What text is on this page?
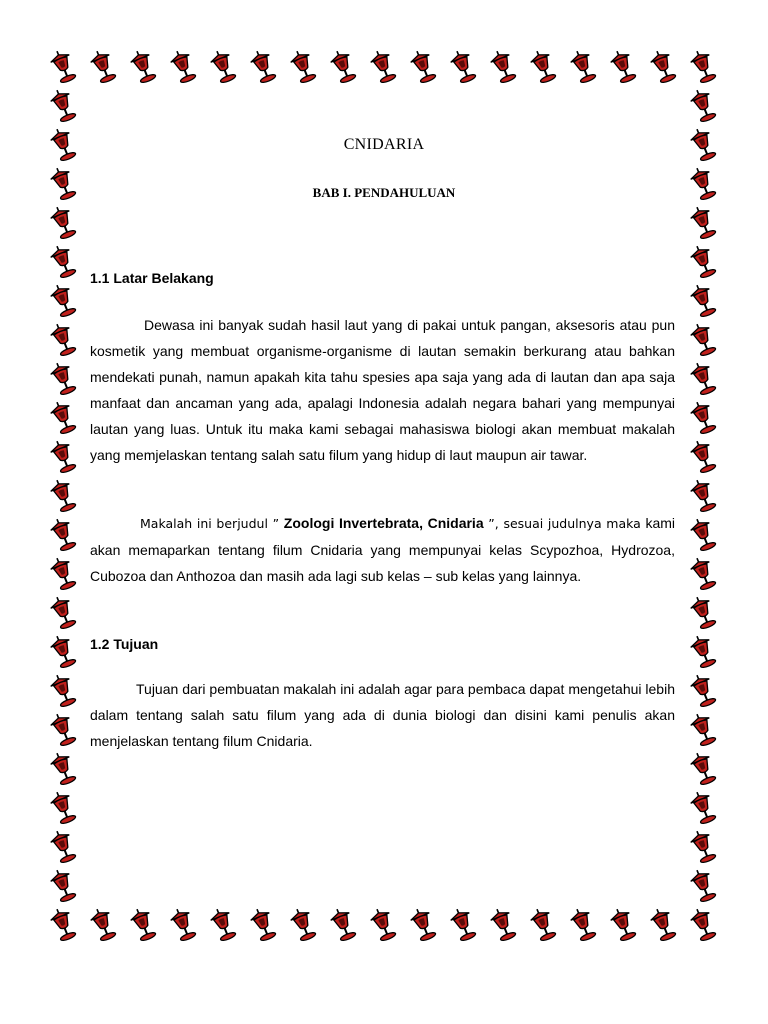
CNIDARIA
BAB I. PENDAHULUAN
1.1 Latar Belakang

Dewasa ini banyak sudah hasil laut yang di pakai untuk pangan, aksesoris atau pun kosmetik yang membuat organisme-organisme di lautan semakin berkurang atau bahkan mendekati punah, namun apakah kita tahu spesies apa saja yang ada di lautan dan apa saja manfaat dan ancaman yang ada, apalagi Indonesia adalah negara bahari yang mempunyai lautan yang luas. Untuk itu maka kami sebagai mahasiswa biologi akan membuat makalah yang memjelaskan tentang salah satu filum yang hidup di laut maupun air tawar.

Makalah ini berjudul ” Zoologi Invertebrata, Cnidaria ”, sesuai judulnya maka kami akan memaparkan tentang filum Cnidaria yang mempunyai kelas Scypozhoa, Hydrozoa, Cubozoa dan Anthozoa dan masih ada lagi sub kelas – sub kelas yang lainnya.

1.2 Tujuan

Tujuan dari pembuatan makalah ini adalah agar para pembaca dapat mengetahui lebih dalam tentang salah satu filum yang ada di dunia biologi dan disini kami penulis akan menjelaskan tentang filum Cnidaria.
